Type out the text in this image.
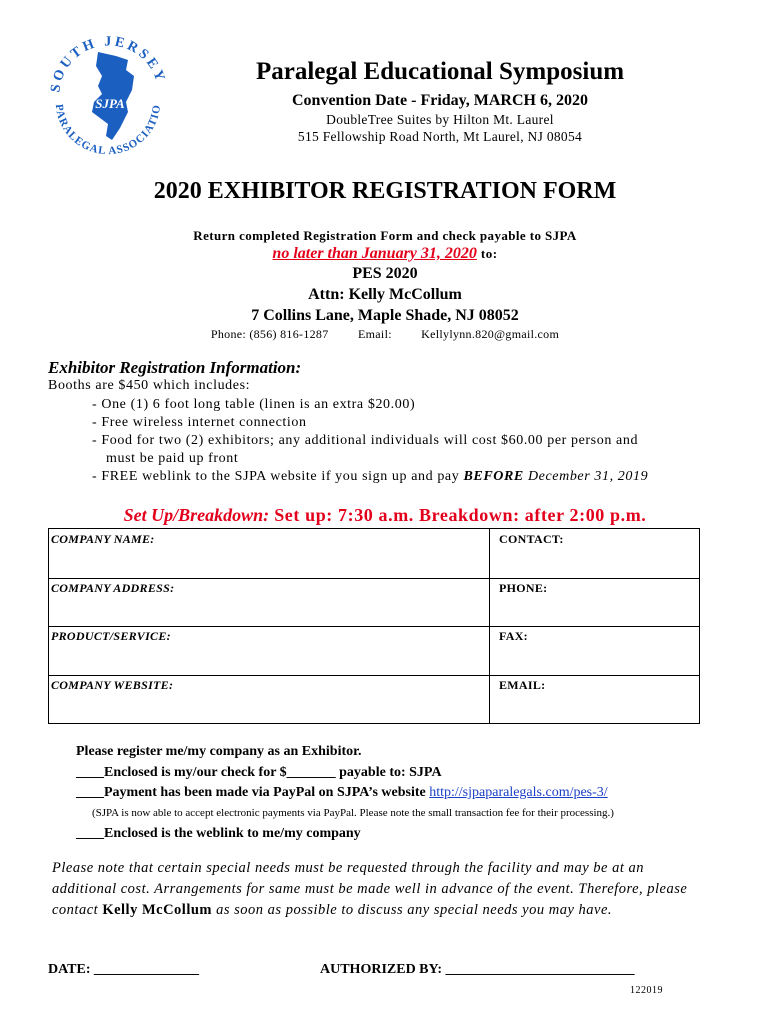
SOUTH JERSEY
PARALEGAL ASSOCIATIO
SJPA
Paralegal Educational Symposium
Convention Date - Friday, MARCH 6, 2020
DoubleTree Suites by Hilton Mt. Laurel
515 Fellowship Road North, Mt Laurel, NJ 08054
2020 EXHIBITOR REGISTRATION FORM
Return completed Registration Form and check payable to SJPA
no later than January 31, 2020 to:
PES 2020
Attn: Kelly McCollum
7 Collins Lane, Maple Shade, NJ 08052
Phone: (856) 816-1287 Email: Kellylynn.820@gmail.com
Exhibitor Registration Information:
Booths are $450 which includes:
- One (1) 6 foot long table (linen is an extra $20.00)
- Free wireless internet connection
- Food for two (2) exhibitors; any additional individuals will cost $60.00 per person and
must be paid up front
- FREE weblink to the SJPA website if you sign up and pay BEFORE December 31, 2019
Set Up/Breakdown: Set up: 7:30 a.m. Breakdown: after 2:00 p.m.
COMPANY NAME:	CONTACT:
COMPANY ADDRESS:	PHONE:
PRODUCT/SERVICE:	FAX:
COMPANY WEBSITE:	EMAIL:
Please register me/my company as an Exhibitor.
____Enclosed is my/our check for $_______ payable to: SJPA
____Payment has been made via PayPal on SJPA’s website http://sjpaparalegals.com/pes-3/
(SJPA is now able to accept electronic payments via PayPal. Please note the small transaction fee for their processing.)
____Enclosed is the weblink to me/my company
Please note that certain special needs must be requested through the facility and may be at an additional cost. Arrangements for same must be made well in advance of the event. Therefore, please contact Kelly McCollum as soon as possible to discuss any special needs you may have.
DATE: _______________	AUTHORIZED BY: ___________________________
122019
